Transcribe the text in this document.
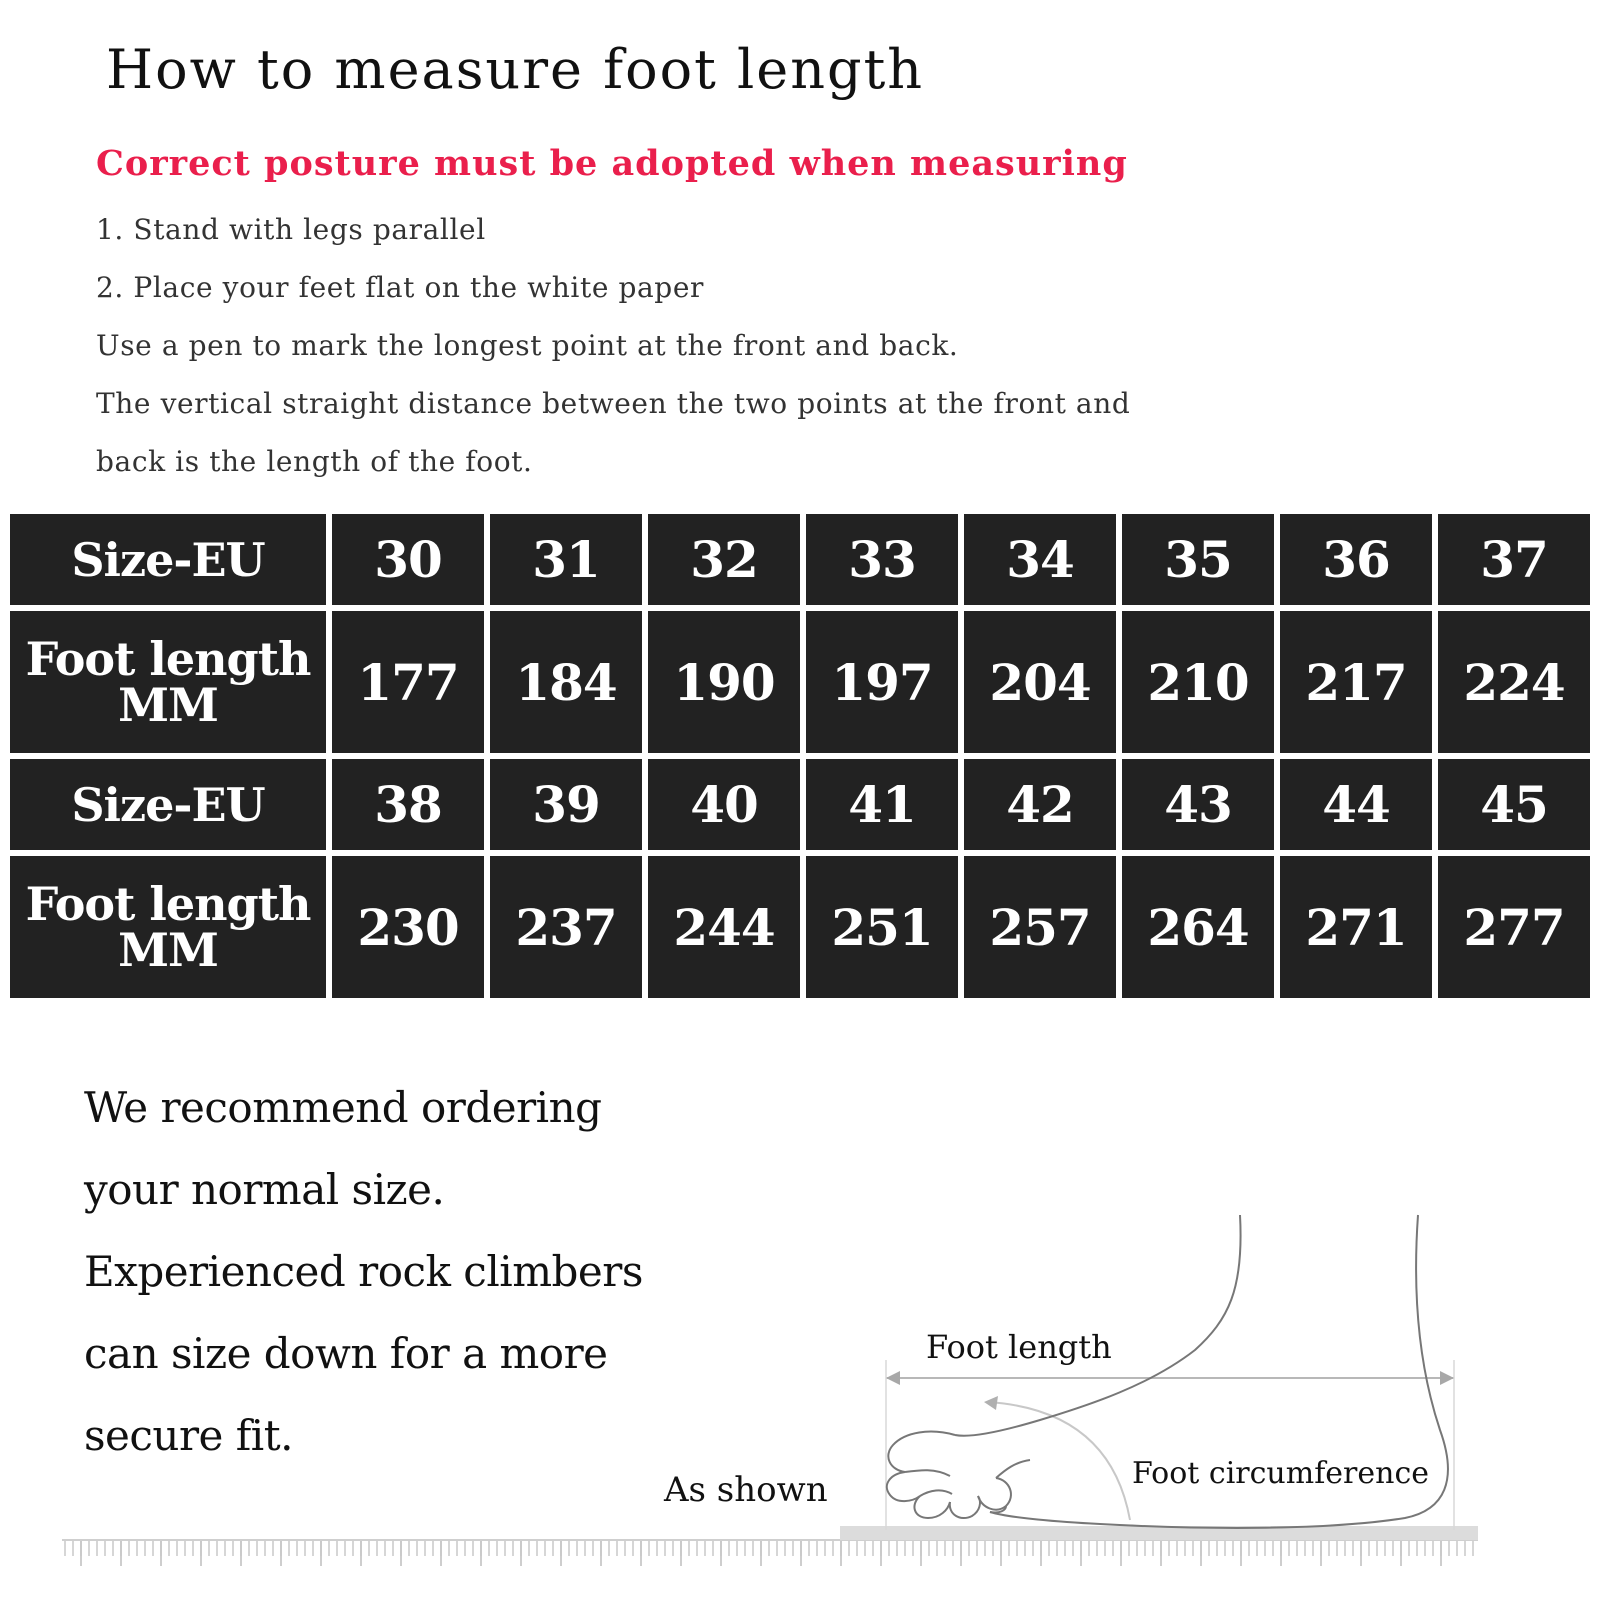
How to measure foot length
Correct posture must be adopted when measuring
1. Stand with legs parallel
2. Place your feet flat on the white paper
Use a pen to mark the longest point at the front and back.
The vertical straight distance between the two points at the front and
back is the length of the foot.
Size-EU	30	31	32	33	34	35	36	37

Foot length
MM	177	184	190	197	204	210	217	224

Size-EU	38	39	40	41	42	43	44	45

Foot length
MM	230	237	244	251	257	264	271	277
We recommend ordering
your normal size.
Experienced rock climbers
can size down for a more
secure fit.
Foot length
Foot circumference
As shown
